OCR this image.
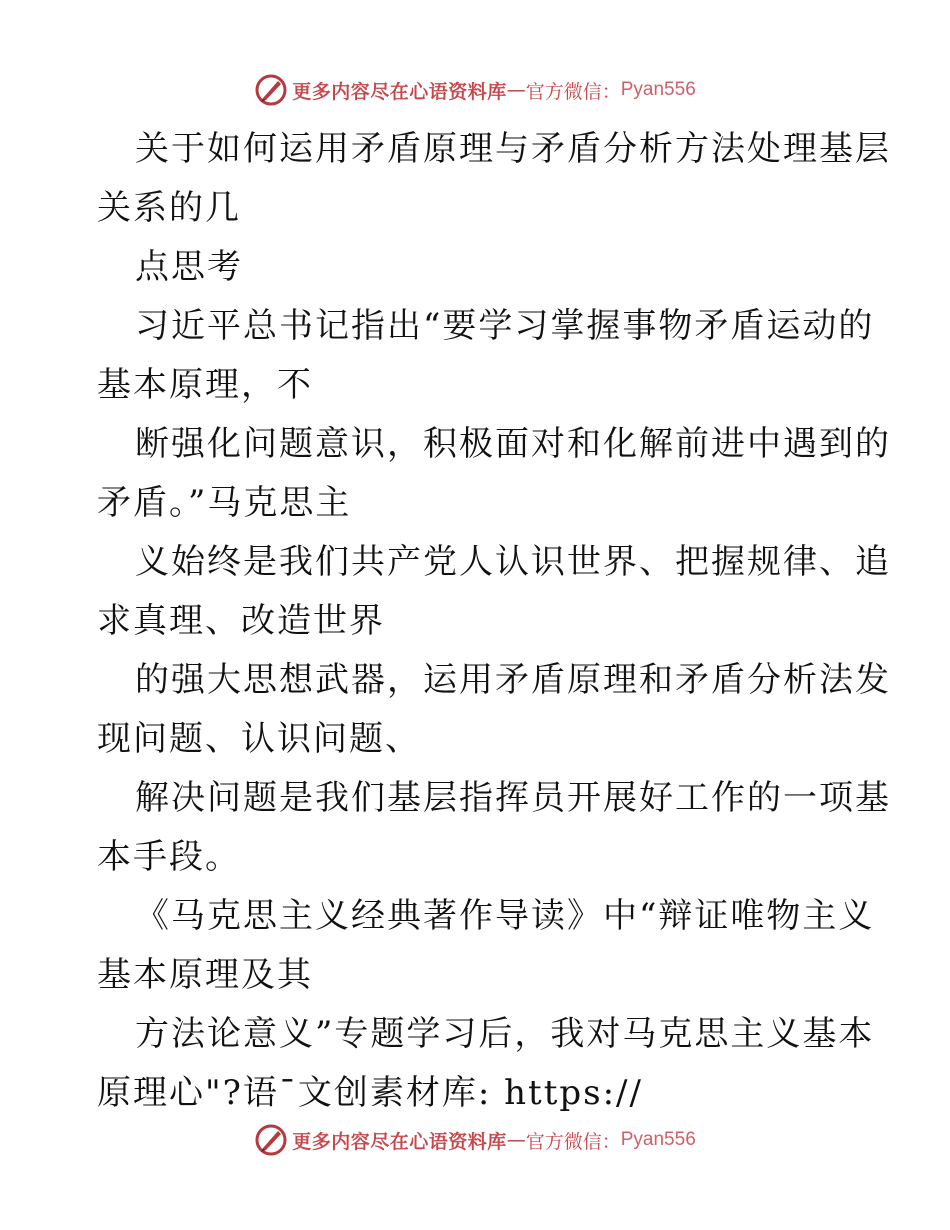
更多内容尽在心语资料库 — 官方微信： Pyan556
关于如何运用矛盾原理与矛盾分析方法处理基层
关系的几
点思考
习近平总书记指出“要学习掌握事物矛盾运动的
基本原理，不
断强化问题意识，积极面对和化解前进中遇到的
矛盾。”马克思主
义始终是我们共产党人认识世界、把握规律、追
求真理、改造世界
的强大思想武器，运用矛盾原理和矛盾分析法发
现问题、认识问题、
解决问题是我们基层指挥员开展好工作的一项基
本手段。
《马克思主义经典著作导读》中“辩证唯物主义
基本原理及其
方法论意义”专题学习后，我对马克思主义基本
原理心"?语¯文创素材库: https://
更多内容尽在心语资料库 — 官方微信： Pyan556
